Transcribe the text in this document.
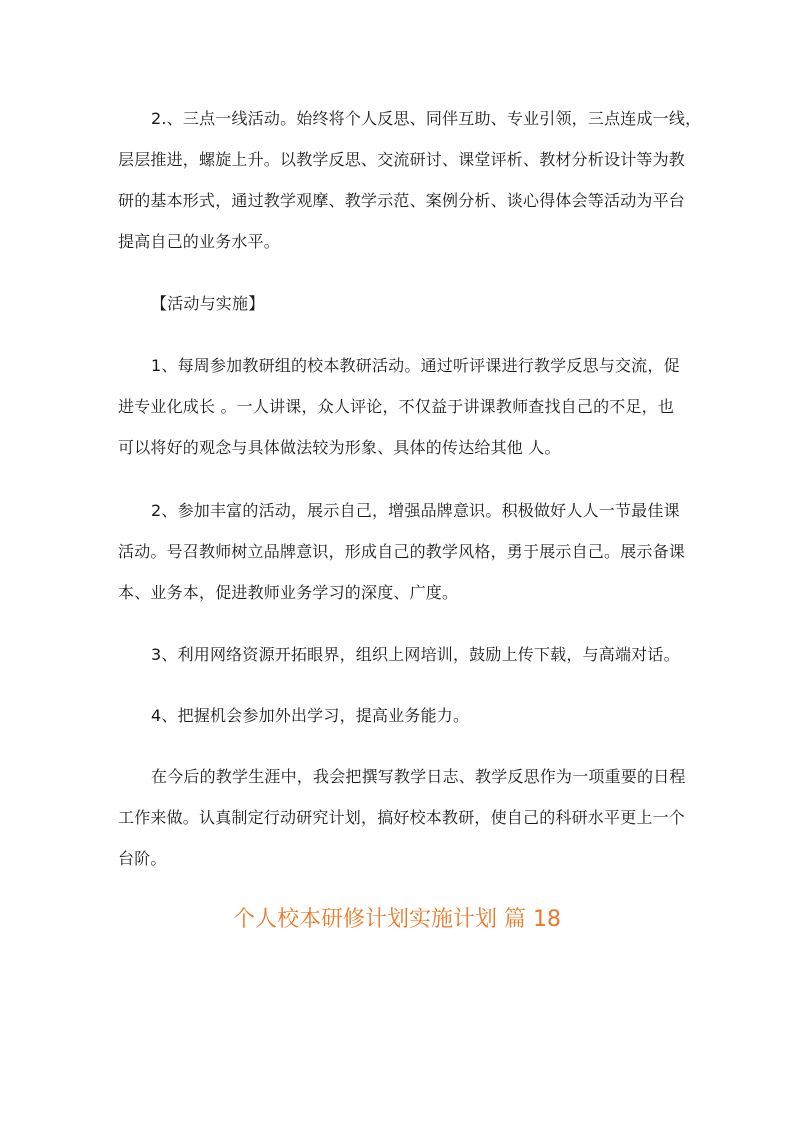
2.、三点一线活动。始终将个人反思、同伴互助、专业引领，三点连成一线，
层层推进，螺旋上升。以教学反思、交流研讨、课堂评析、教材分析设计等为教
研的基本形式，通过教学观摩、教学示范、案例分析、谈心得体会等活动为平台
提高自己的业务水平。
【活动与实施】
1、每周参加教研组的校本教研活动。通过听评课进行教学反思与交流，促
进专业化成长 。一人讲课，众人评论，不仅益于讲课教师查找自己的不足，也
可以将好的观念与具体做法较为形象、具体的传达给其他 人。
2、参加丰富的活动，展示自己，增强品牌意识。积极做好人人一节最佳课
活动。号召教师树立品牌意识，形成自己的教学风格，勇于展示自己。展示备课
本、业务本，促进教师业务学习的深度、广度。
3、利用网络资源开拓眼界，组织上网培训，鼓励上传下载，与高端对话。
4、把握机会参加外出学习，提高业务能力。
在今后的教学生涯中，我会把撰写教学日志、教学反思作为一项重要的日程
工作来做。认真制定行动研究计划，搞好校本教研，使自己的科研水平更上一个
台阶。
个人校本研修计划实施计划 篇 18
